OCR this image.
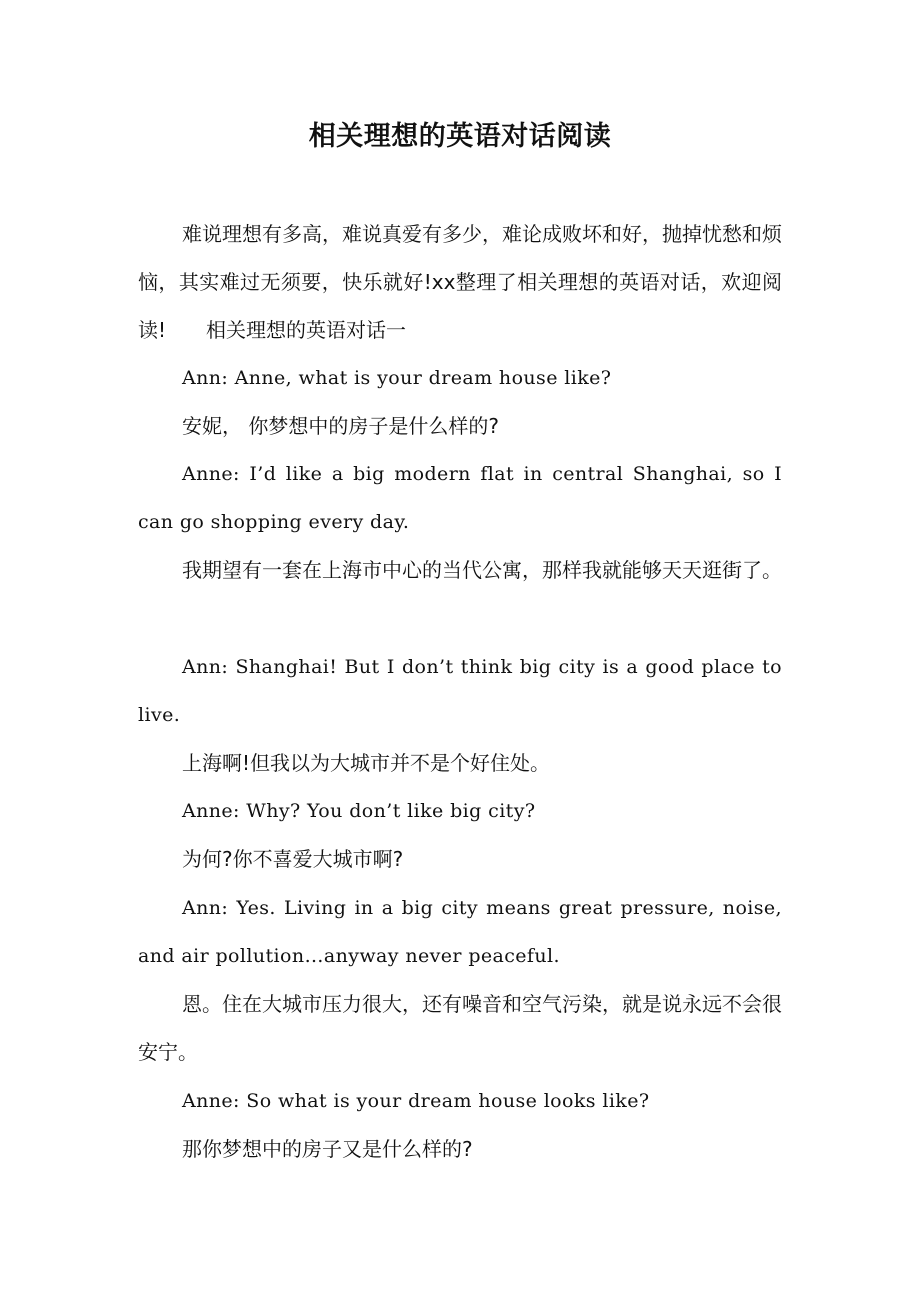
相关理想的英语对话阅读

难说理想有多高，难说真爱有多少，难论成败坏和好，抛掉忧愁和烦恼，其实难过无须要，快乐就好!xx整理了相关理想的英语对话，欢迎阅读! 相关理想的英语对话一

Ann: Anne, what is your dream house like?

安妮， 你梦想中的房子是什么样的?

Anne: I’d like a big modern flat in central Shanghai, so I can go shopping every day.

我期望有一套在上海市中心的当代公寓，那样我就能够天天逛街了。

Ann: Shanghai! But I don’t think big city is a good place to live.

上海啊!但我以为大城市并不是个好住处。

Anne: Why? You don’t like big city?

为何?你不喜爱大城市啊?

Ann: Yes. Living in a big city means great pressure, noise, and air pollution…anyway never peaceful.

恩。住在大城市压力很大，还有噪音和空气污染，就是说永远不会很安宁。

Anne: So what is your dream house looks like?

那你梦想中的房子又是什么样的?
